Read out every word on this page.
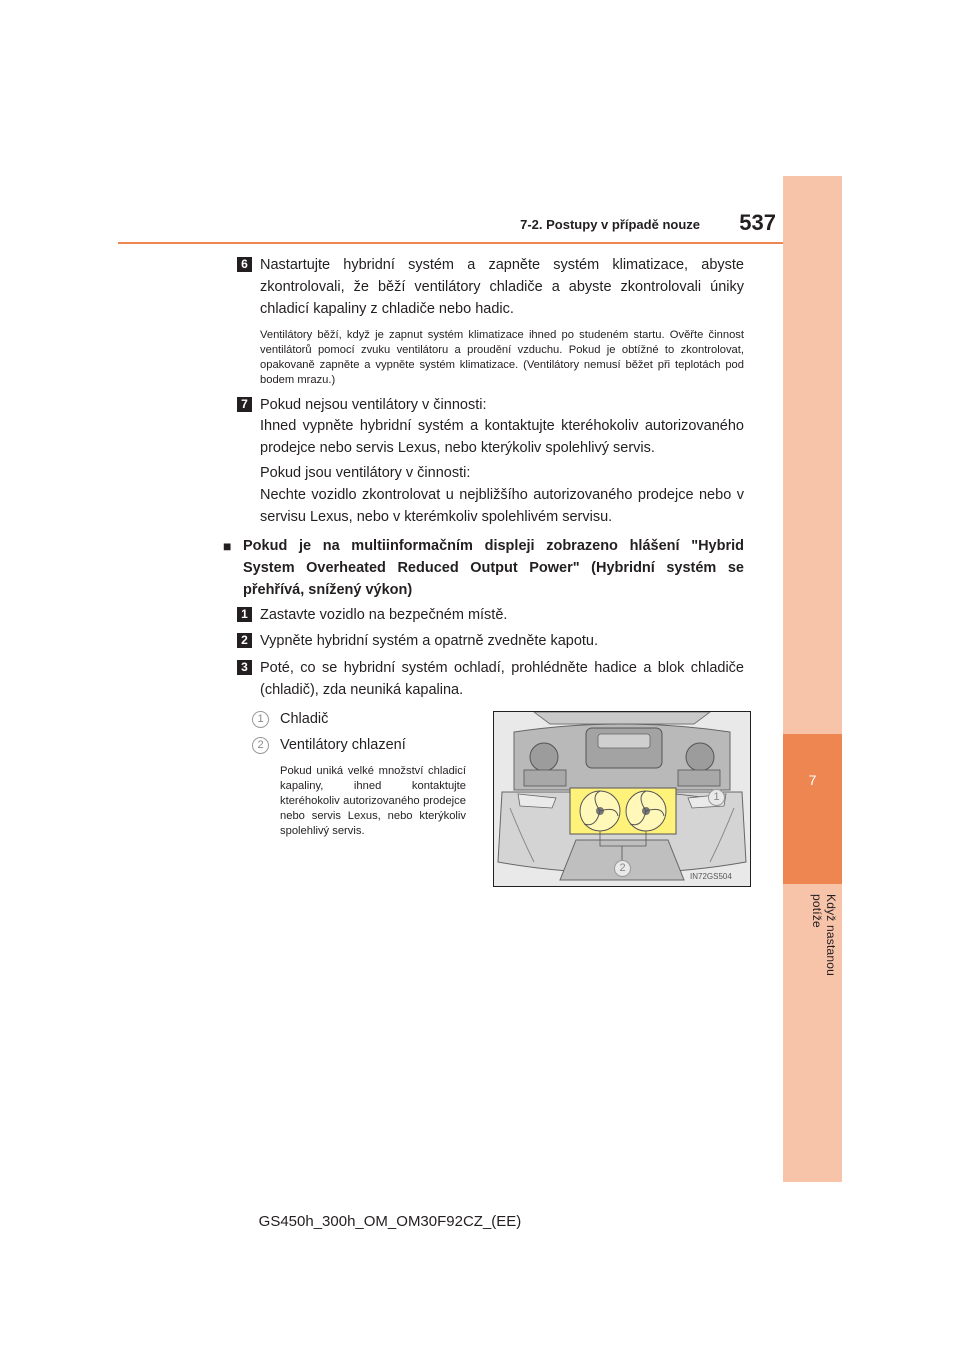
7
Když nastanou potíže
7-2. Postupy v případě nouze	537
6 Nastartujte hybridní systém a zapněte systém klimatizace, abyste zkontrolovali, že běží ventilátory chladiče a abyste zkontrolovali úniky chladicí kapaliny z chladiče nebo hadic.
Ventilátory běží, když je zapnut systém klimatizace ihned po studeném startu. Ověřte činnost ventilátorů pomocí zvuku ventilátoru a proudění vzduchu. Pokud je obtížné to zkontrolovat, opakovaně zapněte a vypněte systém klimatizace. (Ventilátory nemusí běžet při teplotách pod bodem mrazu.)
7 Pokud nejsou ventilátory v činnosti:
Ihned vypněte hybridní systém a kontaktujte kteréhokoliv autorizovaného prodejce nebo servis Lexus, nebo kterýkoliv spolehlivý servis.
Pokud jsou ventilátory v činnosti:
Nechte vozidlo zkontrolovat u nejbližšího autorizovaného prodejce nebo v servisu Lexus, nebo v kterémkoliv spolehlivém servisu.
■ Pokud je na multiinformačním displeji zobrazeno hlášení "Hybrid System Overheated Reduced Output Power" (Hybridní systém se přehřívá, snížený výkon)
1 Zastavte vozidlo na bezpečném místě.
2 Vypněte hybridní systém a opatrně zvedněte kapotu.
3 Poté, co se hybridní systém ochladí, prohlédněte hadice a blok chladiče (chladič), zda neuniká kapalina.
1	Chladič
2	Ventilátory chlazení
Pokud uniká velké množství chladicí kapaliny, ihned kontaktujte kteréhokoliv autorizovaného prodejce nebo servis Lexus, nebo kterýkoliv spolehlivý servis.
1
2
IN72GS504
GS450h_300h_OM_OM30F92CZ_(EE)
